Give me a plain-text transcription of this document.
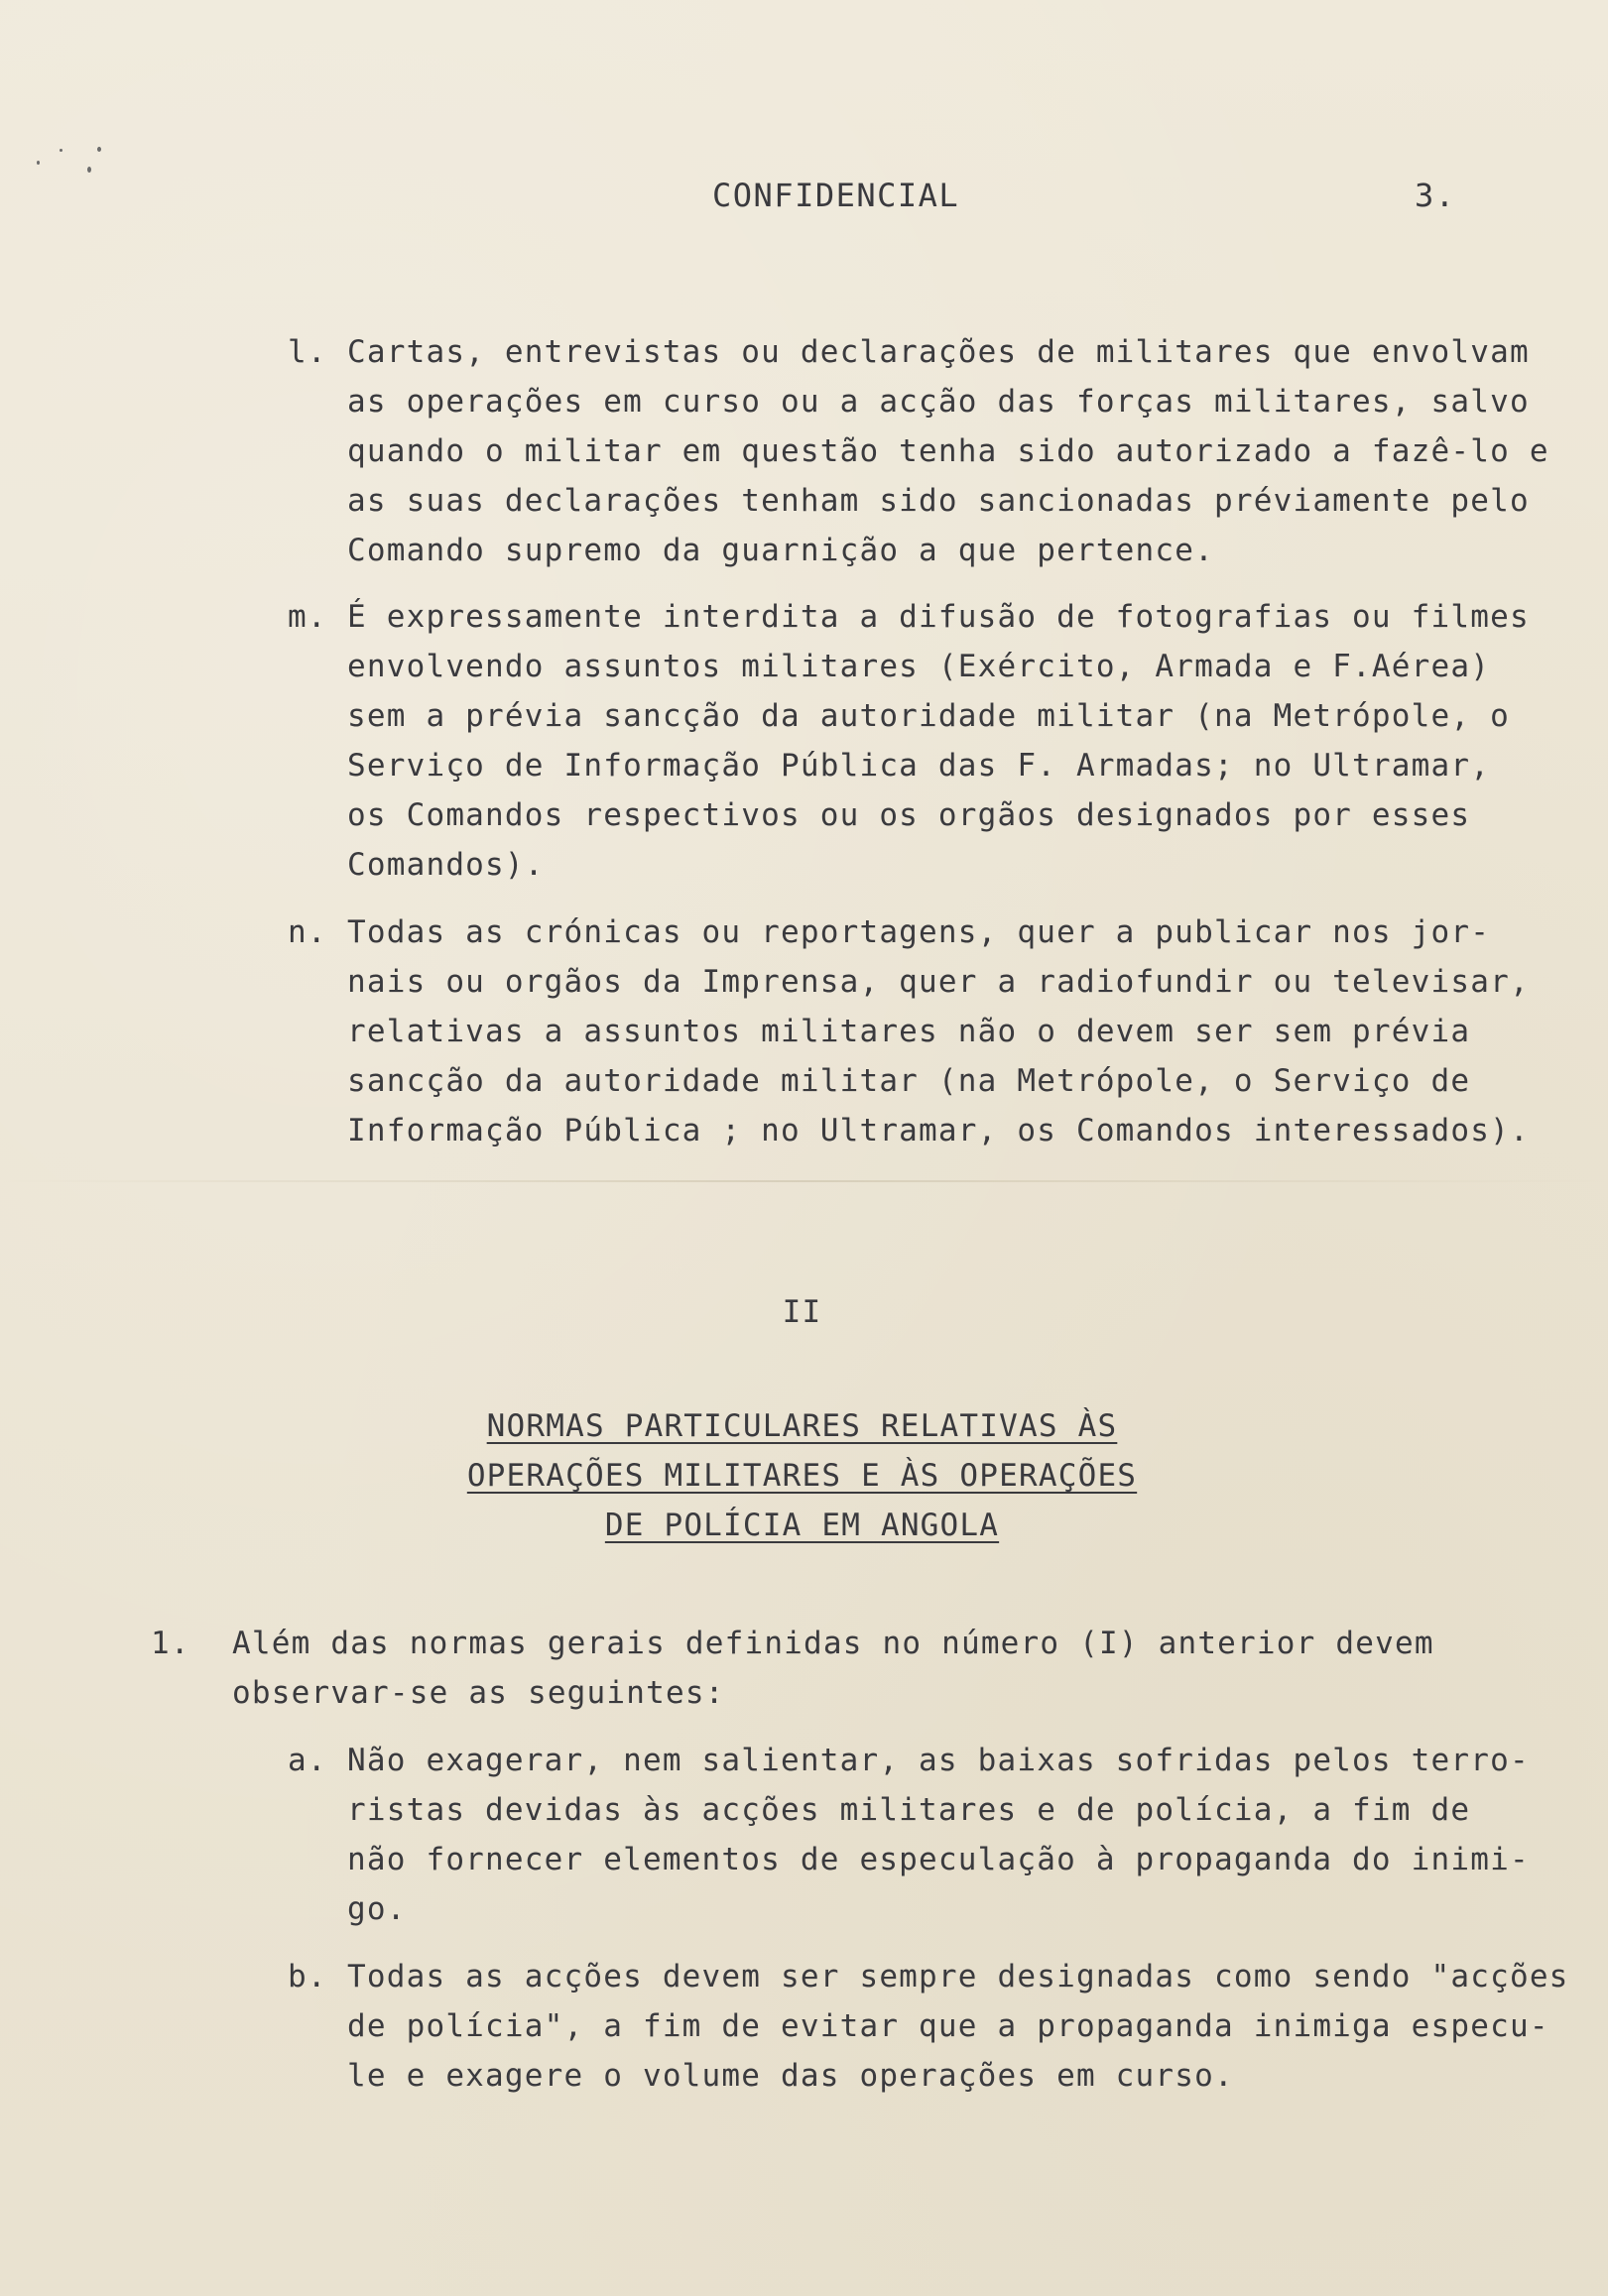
CONFIDENCIAL	3.
l. Cartas, entrevistas ou declarações de militares que envolvam
as operações em curso ou a acção das forças militares, salvo
quando o militar em questão tenha sido autorizado a fazê-lo e
as suas declarações tenham sido sancionadas préviamente pelo
Comando supremo da guarnição a que pertence.
m. É expressamente interdita a difusão de fotografias ou filmes
envolvendo assuntos militares (Exército, Armada e F.Aérea)
sem a prévia sancção da autoridade militar (na Metrópole, o
Serviço de Informação Pública das F. Armadas; no Ultramar,
os Comandos respectivos ou os orgãos designados por esses
Comandos).
n. Todas as crónicas ou reportagens, quer a publicar nos jor-
nais ou orgãos da Imprensa, quer a radiofundir ou televisar,
relativas a assuntos militares não o devem ser sem prévia
sancção da autoridade militar (na Metrópole, o Serviço de
Informação Pública ; no Ultramar, os Comandos interessados).
II
NORMAS PARTICULARES RELATIVAS ÀS
OPERAÇÕES MILITARES E ÀS OPERAÇÕES
DE POLÍCIA EM ANGOLA
1. Além das normas gerais definidas no número (I) anterior devem
observar-se as seguintes:
a. Não exagerar, nem salientar, as baixas sofridas pelos terro-
ristas devidas às acções militares e de polícia, a fim de
não fornecer elementos de especulação à propaganda do inimi-
go.
b. Todas as acções devem ser sempre designadas como sendo "acções
de polícia", a fim de evitar que a propaganda inimiga especu-
le e exagere o volume das operações em curso.
